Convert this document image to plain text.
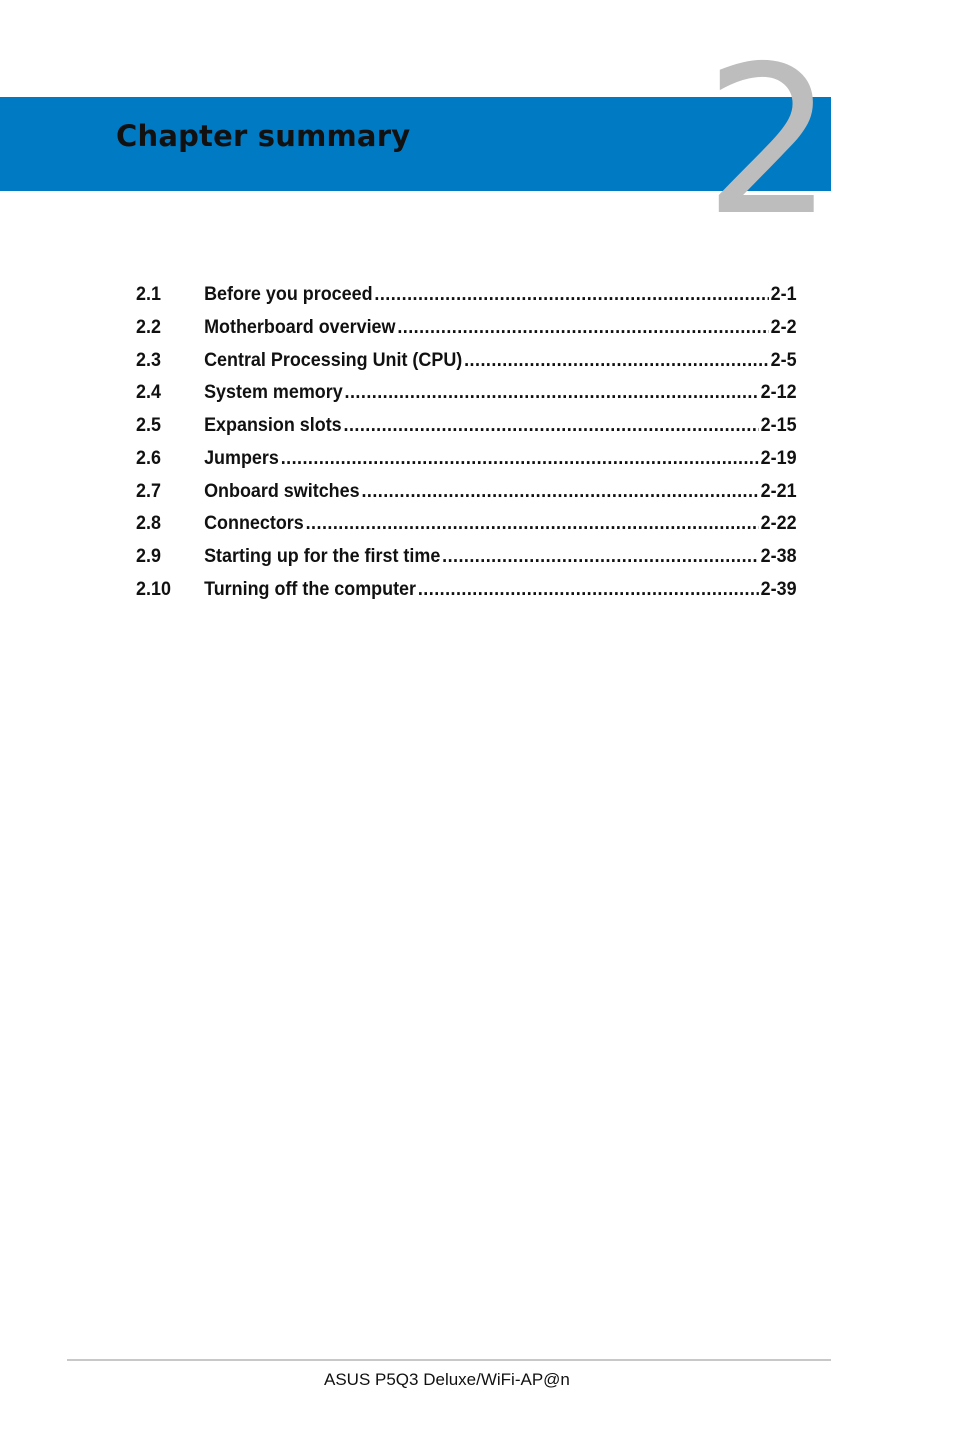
Chapter summary 2
2.1	Before you proceed .....	2-1
2.2	Motherboard overview .....	2-2
2.3	Central Processing Unit (CPU) .....	2-5
2.4	System memory .....	2-12
2.5	Expansion slots .....	2-15
2.6	Jumpers .....	2-19
2.7	Onboard switches .....	2-21
2.8	Connectors .....	2-22
2.9	Starting up for the first time .....	2-38
2.10	Turning off the computer .....	2-39

ASUS P5Q3 Deluxe/WiFi-AP@n
